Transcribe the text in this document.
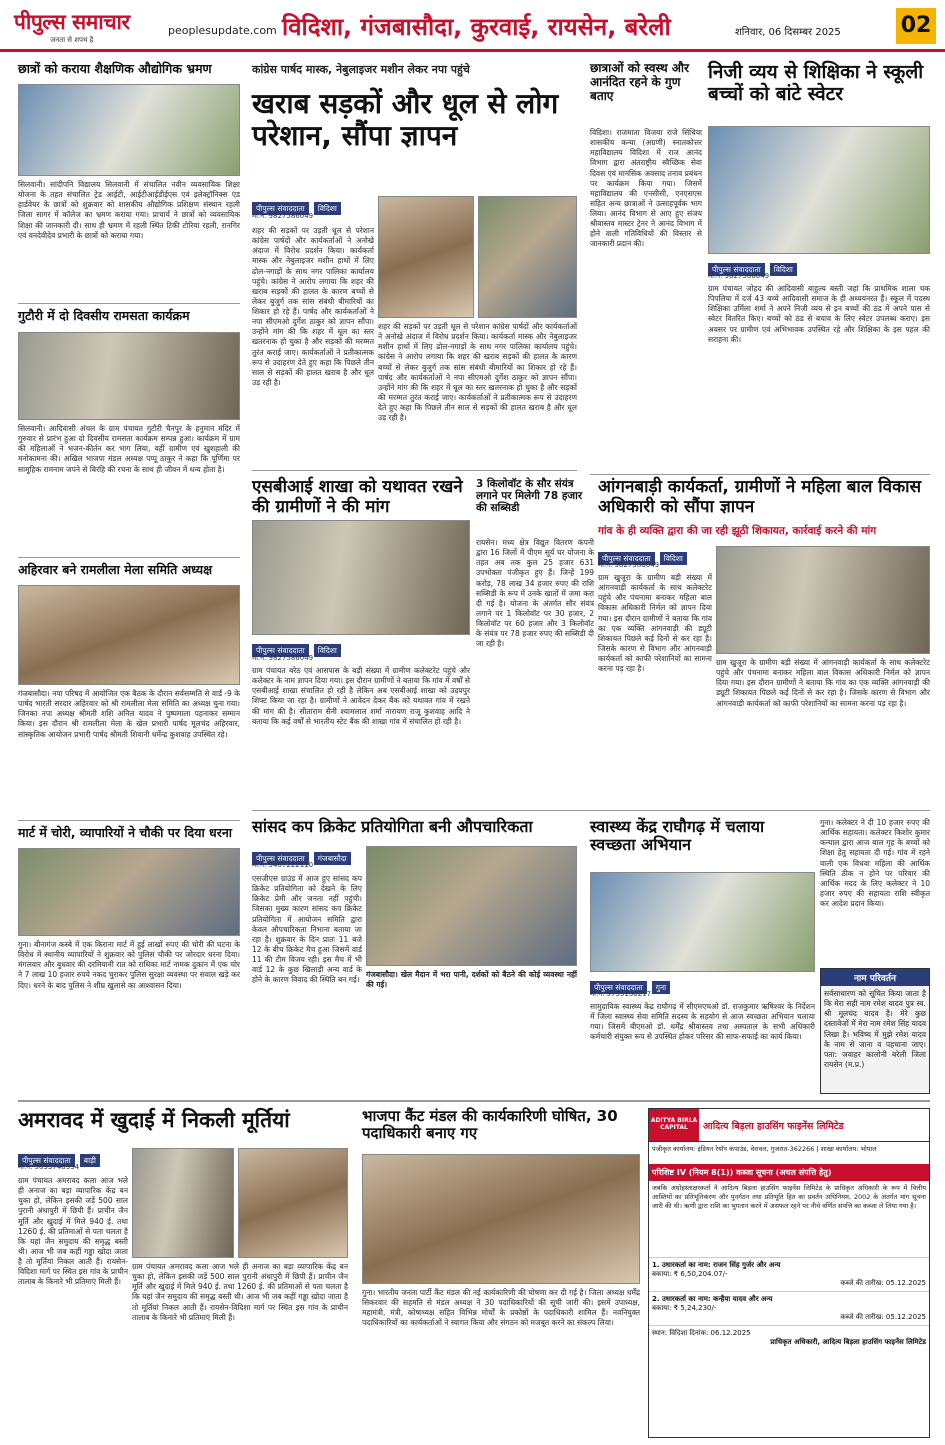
पीपुल्स समाचार
जनता से शपथ है
peoplesupdate.com विदिशा, गंजबासौदा, कुरवाई, रायसेन, बरेली	शनिवार, 06 दिसम्बर 2025	02
छात्रों को कराया शैक्षणिक औद्योगिक भ्रमण
सिलवानी। सांदीपनि विद्यालय सिलवानी में संचालित नवीन व्यवसायिक शिक्षा योजना के तहत संचालित ट्रेड आईटी, आईटीआईडीईएस एवं इलेक्ट्रॉनिक्स एंड हार्डवेयर के छात्रों को शुक्रवार को शासकीय औद्योगिक प्रशिक्षण संस्थान रहली जिला सागर में कॉलेज का भ्रमण कराया गया। प्राचार्य ने छात्रों को व्यवसायिक शिक्षा की जानकारी दी। साथ ही भ्रमण में रहली स्थित टिकी टोरिया रहली, रानगिर एवं वनदेवीदेव प्रभारी के छात्रों को कराया गया।
गुटौरी में दो दिवसीय रामसता कार्यक्रम
सिलवानी। आदिवासी अंचल के ग्राम पंचायत गुटौरी चैनपुर के हनुमान मंदिर में गुरुवार से प्रारंभ हुआ दो दिवसीय रामसता कार्यक्रम सम्पन्न हुआ। कार्यक्रम में ग्राम की महिलाओं ने भजन-कीर्तन कर भाग लिया, वहीं ग्रामीण एवं खुशहाली की मनोकामना की। अखिल भाजपा मंडल अध्यक्ष पप्पू ठाकुर ने कहा कि पूर्णिमा पर सामूहिक रामनाम जपने से बिरहि की रचना के साथ ही जीवन में धन्य होता है।
अहिरवार बने रामलीला मेला समिति अध्यक्ष
गंजबासौदा। नपा परिषद में आयोजित एक बैठक के दौरान सर्वसम्मति से वार्ड -9 के पार्षद भारती सरदार अहिरवार को श्री रामलीला मेला समिति का अध्यक्ष चुना गया। जिनका नपा अध्यक्ष श्रीमती शशि अनिल यादव ने पुष्पमाला पहनाकर सम्मान किया। इस दौरान श्री रामलीला मेला के खेल प्रभारी पार्षद मूलचंद अहिरवार, सांस्कृतिक आयोजन प्रभारी पार्षद श्रीमती शिवानी धर्मेन्द्र कुशवाह उपस्थित रहे।
मार्ट में चोरी, व्यापारियों ने चौकी पर दिया धरना
गुना। बीनागंज कस्बे में एक किराना मार्ट में हुई लाखों रुपए की चोरी की घटना के विरोध में स्थानीय व्यापारियों ने शुक्रवार को पुलिस चौकी पर जोरदार धरना दिया। मंगलवार और बुधवार की दरमियानी रात को राधिका मार्ट नामक दुकान में एक चोर ने 7 लाख 10 हजार रुपये नकद चुराकर पुलिस सुरक्षा व्यवस्था पर सवाल खड़े कर दिए। धरने के बाद पुलिस ने शीघ्र खुलासे का आश्वासन दिया।
कांग्रेस पार्षद मास्क, नेबुलाइजर मशीन लेकर नपा पहुंचे
खराब सड़कों और धूल से लोग परेशान, सौंपा ज्ञापन
पीपुल्स संवाददाता विदिशा
मो.नं. 9827586049
शहर की सड़कों पर उड़ती धूल से परेशान कांग्रेस पार्षदों और कार्यकर्ताओं ने अनोखे अंदाज में विरोध प्रदर्शन किया। कार्यकर्ता मास्क और नेबुलाइजर मशीन हाथों में लिए ढोल-नगाड़ों के साथ नगर पालिका कार्यालय पहुंचे। कांग्रेस ने आरोप लगाया कि शहर की खराब सड़कों की हालत के कारण बच्चों से लेकर बुजुर्ग तक सांस संबंधी बीमारियों का शिकार हो रहे हैं। पार्षद और कार्यकर्ताओं ने नपा सीएमओ दुर्गेश ठाकुर को ज्ञापन सौंपा। उन्होंने मांग की कि शहर में धूल का स्तर खतरनाक हो चुका है और सड़कों की मरम्मत तुरंत कराई जाए। कार्यकर्ताओं ने प्रतीकात्मक रूप से उदाहरण देते हुए कहा कि पिछले तीन साल से सड़कों की हालत खराब है और धूल उड़ रही है।
शहर की सड़कों पर उड़ती धूल से परेशान कांग्रेस पार्षदों और कार्यकर्ताओं ने अनोखे अंदाज में विरोध प्रदर्शन किया। कार्यकर्ता मास्क और नेबुलाइजर मशीन हाथों में लिए ढोल-नगाड़ों के साथ नगर पालिका कार्यालय पहुंचे। कांग्रेस ने आरोप लगाया कि शहर की खराब सड़कों की हालत के कारण बच्चों से लेकर बुजुर्ग तक सांस संबंधी बीमारियों का शिकार हो रहे हैं। पार्षद और कार्यकर्ताओं ने नपा सीएमओ दुर्गेश ठाकुर को ज्ञापन सौंपा। उन्होंने मांग की कि शहर में धूल का स्तर खतरनाक हो चुका है और सड़कों की मरम्मत तुरंत कराई जाए। कार्यकर्ताओं ने प्रतीकात्मक रूप से उदाहरण देते हुए कहा कि पिछले तीन साल से सड़कों की हालत खराब है और धूल उड़ रही है।
एसबीआई शाखा को यथावत रखने की ग्रामीणों ने की मांग
पीपुल्स संवाददाता विदिशा
मो.नं. 9827586049
ग्राम पंचायत बरेठ एवं आसपास के बड़ी संख्या में ग्रामीण कलेक्टरेट पहुंचे और कलेक्टर के नाम ज्ञापन दिया गया। इस दौरान ग्रामीणों ने बताया कि गांव में वर्षों से एसबीआई शाखा संचालित हो रही है लेकिन अब एसबीआई शाखा को उदयपुर शिफ्ट किया जा रहा है। ग्रामीणों ने आवेदन देकर बैंक को यथावत गांव में रखने की मांग की है। सीताराम सैनी श्यामलाल शर्मा नारायण राजू कुशवाह आदि ने बताया कि कई वर्षों से भारतीय स्टेट बैंक की शाखा गांव में संचालित हो रही है।
3 किलोवॉट के सौर संयंत्र लगाने पर मिलेगी 78 हजार की सब्सिडी
रायसेन। मध्य क्षेत्र विद्युत वितरण कंपनी द्वारा 16 जिलों में पीएम सूर्य घर योजना के तहत अब तक कुल 25 हजार 631 उपभोक्ता पंजीकृत हुए हैं। जिन्हें 199 करोड़, 78 लाख 34 हजार रुपए की राशि सब्सिडी के रूप में उनके खातों में जमा करा दी गई है। योजना के अंतर्गत सौर संयंत्र लगाने पर 1 किलोवॉट पर 30 हजार, 2 किलोवॉट पर 60 हजार और 3 किलोवॉट के संयंत्र पर 78 हजार रुपए की सब्सिडी दी जा रही है।
छात्राओं को स्वस्थ और आनंदित रहने के गुण बताए
विदिशा। राजमाता विजया राजे सिंधिया शासकीय कन्या (अग्रणी) स्नातकोत्तर महाविद्यालय विदिशा में राज आनंद विभाग द्वारा अंतराष्ट्रीय स्वैच्छिक सेवा दिवस एवं मानसिक अवसाद तनाव प्रबंधन पर कार्यक्रम किया गया। जिसमें महाविद्यालय की एनसीसी, एनएसएस सहित अन्य छात्राओं ने उत्साहपूर्वक भाग लिया। आनंद विभाग से आए हुए संजय श्रीवास्तव मास्टर ट्रेनर ने आनंद विभाग में होने वाली गतिविधियों की विस्तार से जानकारी प्रदान की।
निजी व्यय से शिक्षिका ने स्कूली बच्चों को बांटे स्वेटर
पीपुल्स संवाददाता विदिशा
मो.नं. 9827586049
ग्राम पंचायत जोहद की आदिवासी बाहुल्य बस्ती जहां कि प्राथमिक शाला चक पिपलिया में दर्ज 43 बच्चे आदिवासी समाज के ही अध्ययनरत हैं। स्कूल में पदस्थ शिक्षिका उर्मिला शर्मा ने अपने निजी व्यय से इन बच्चों की ठंड में अपने पास से स्वेटर वितरित किए। बच्चों को ठंड से बचाव के लिए स्वेटर उपलब्ध कराए। इस अवसर पर ग्रामीण एवं अभिभावक उपस्थित रहे और शिक्षिका के इस पहल की सराहना की।
आंगनबाड़ी कार्यकर्ता, ग्रामीणों ने महिला बाल विकास अधिकारी को सौंपा ज्ञापन
गांव के ही व्यक्ति द्वारा की जा रही झूठी शिकायत, कार्रवाई करने की मांग
पीपुल्स संवाददाता विदिशा
मो.नं. 9827586049
ग्राम खुजूरा के ग्रामीण बड़ी संख्या में आंगनवाड़ी कार्यकर्ता के साथ कलेक्टरेट पहुंचे और पंचनामा बनाकर महिला बाल विकास अधिकारी निर्मल को ज्ञापन दिया गया। इस दौरान ग्रामीणों ने बताया कि गांव का एक व्यक्ति आंगनवाड़ी की ड्यूटी शिकायत पिछले कई दिनों से कर रहा है। जिसके कारण से विभाग और आंगनवाड़ी कार्यकर्ता को काफी परेशानियों का सामना करना पड़ रहा है।
ग्राम खुजूरा के ग्रामीण बड़ी संख्या में आंगनवाड़ी कार्यकर्ता के साथ कलेक्टरेट पहुंचे और पंचनामा बनाकर महिला बाल विकास अधिकारी निर्मल को ज्ञापन दिया गया। इस दौरान ग्रामीणों ने बताया कि गांव का एक व्यक्ति आंगनवाड़ी की ड्यूटी शिकायत पिछले कई दिनों से कर रहा है। जिसके कारण से विभाग और आंगनवाड़ी कार्यकर्ता को काफी परेशानियों का सामना करना पड़ रहा है।
सांसद कप क्रिकेट प्रतियोगिता बनी औपचारिकता
पीपुल्स संवाददाता गंजबासौदा
मो.नं. 9407222110
एसजीएस ग्राउंड में आज हुए सांसद कप क्रिकेट प्रतियोगिता को देखने के लिए क्रिकेट प्रेमी और जनता नहीं पहुंची। जिसका मुख्य कारण सांसद कप क्रिकेट प्रतियोगिता में आयोजन समिति द्वारा केवल औपचारिकता निभाना बताया जा रहा है। शुक्रवार के दिन प्रातः 11 बजे 12 के बीच क्रिकेट मैच हुआ जिसमें वार्ड 11 की टीम विजय रही। इस मैच में भी वार्ड 12 के कुछ खिलाड़ी अन्य वार्ड के होने के कारण विवाद की स्थिति बन गई।
गंजबासौदा। खेल मैदान में भरा पानी, दर्शकों को बैठने की कोई व्यवस्था नहीं की गई।
स्वास्थ्य केंद्र राघौगढ़ में चलाया स्वच्छता अभियान
पीपुल्स संवाददाता गुना
मो.नं. 9755130217
सामुदायिक स्वास्थ्य केंद्र राघौगढ़ में सीएमएचओ डॉ. राजकुमार ऋषिश्वर के निर्देशन में जिला स्वास्थ्य सेवा समिति सदस्य के सहयोग से आज स्वच्छता अभियान चलाया गया। जिसमें बीएमओ डॉ. धर्मेंद्र श्रीवास्तव तथा अस्पताल के सभी अधिकारी कर्मचारी संयुक्त रूप से उपस्थित होकर परिसर की साफ-सफाई का कार्य किया।
गुना। कलेक्टर ने दी 10 हजार रुपए की आर्थिक सहायता। कलेक्टर किशोर कुमार कन्याल द्वारा आज बाल गृह के बच्चों को शिक्षा हेतु सहायता दी गई। गांव में रहने वाली एक विधवा महिला की आर्थिक स्थिति ठीक न होने पर परिवार की आर्थिक मदद के लिए कलेक्टर ने 10 हजार रुपए की सहायता राशि स्वीकृत कर आदेश प्रदान किया।
नाम परिवर्तन
सर्वसाधारण को सूचित किया जाता है कि मेरा सही नाम रमेश यादव पुत्र स्व. श्री मूलचंद यादव है। मेरे कुछ दस्तावेजों में मेरा नाम रमेश सिंह यादव लिखा है। भविष्य में मुझे रमेश यादव के नाम से जाना व पहचाना जाए। पता: जवाहर कालोनी बरेली जिला रायसेन (म.प्र.)
अमरावद में खुदाई में निकली मूर्तियां
पीपुल्स संवाददाता बाड़ी
मो.नं. 9893748934
ग्राम पंचायत अमरावद कला आज भले ही अनाज का बड़ा व्यापारिक केंद्र बन चुका हो, लेकिन इसकी जड़ें 500 साल पुरानी अंधापुरी में छिपी हैं। प्राचीन जैन मूर्ति और खुदाई में मिले 940 ई. तथा 1260 ई. की प्रतिमाओं से पता चलता है कि यहां जैन समुदाय की समृद्ध बस्ती थी। आज भी जब कहीं गड्ढा खोदा जाता है तो मूर्तियां निकल आती हैं। रायसेन-विदिशा मार्ग पर स्थित इस गांव के प्राचीन तालाब के किनारे भी प्रतिमाएं मिली हैं।
ग्राम पंचायत अमरावद कला आज भले ही अनाज का बड़ा व्यापारिक केंद्र बन चुका हो, लेकिन इसकी जड़ें 500 साल पुरानी अंधापुरी में छिपी हैं। प्राचीन जैन मूर्ति और खुदाई में मिले 940 ई. तथा 1260 ई. की प्रतिमाओं से पता चलता है कि यहां जैन समुदाय की समृद्ध बस्ती थी। आज भी जब कहीं गड्ढा खोदा जाता है तो मूर्तियां निकल आती हैं। रायसेन-विदिशा मार्ग पर स्थित इस गांव के प्राचीन तालाब के किनारे भी प्रतिमाएं मिली हैं।
भाजपा कैंट मंडल की कार्यकारिणी घोषित, 30 पदाधिकारी बनाए गए
गुना। भारतीय जनता पार्टी कैंट मंडल की नई कार्यकारिणी की घोषणा कर दी गई है। जिला अध्यक्ष धर्मेंद्र सिकरवार की सहमति से मंडल अध्यक्ष ने 30 पदाधिकारियों की सूची जारी की। इसमें उपाध्यक्ष, महामंत्री, मंत्री, कोषाध्यक्ष सहित विभिन्न मोर्चों के प्रकोष्ठों के पदाधिकारी शामिल हैं। नवनियुक्त पदाधिकारियों का कार्यकर्ताओं ने स्वागत किया और संगठन को मजबूत करने का संकल्प लिया।
ADITYA BIRLA CAPITAL	आदित्य बिड़ला हाउसिंग फाइनेंस लिमिटेड
पंजीकृत कार्यालय: इंडियन रेयॉन कंपाउंड, वेरावल, गुजरात-362266 | शाखा कार्यालय: भोपाल
परिशिष्ट IV (नियम 8(1)) कब्जा सूचना (अचल संपत्ति हेतु)
जबकि अधोहस्ताक्षरकर्ता ने आदित्य बिड़ला हाउसिंग फाइनेंस लिमिटेड के प्राधिकृत अधिकारी के रूप में वित्तीय आस्तियों का प्रतिभूतिकरण और पुनर्गठन तथा प्रतिभूति हित का प्रवर्तन अधिनियम, 2002 के अंतर्गत मांग सूचना जारी की थी। ऋणी द्वारा राशि का भुगतान करने में असफल रहने पर नीचे वर्णित संपत्ति का कब्जा ले लिया गया है।
1. उधारकर्ता का नाम: राजन सिंह गुर्जर और अन्य
बकाया: ₹ 6,50,204.07/-
कब्जे की तारीख: 05.12.2025
2. उधारकर्ता का नाम: कन्हैया यादव और अन्य
बकाया: ₹ 5,24,230/-
कब्जे की तारीख: 05.12.2025
स्थान: विदिशा दिनांक: 06.12.2025
प्राधिकृत अधिकारी, आदित्य बिड़ला हाउसिंग फाइनेंस लिमिटेड
